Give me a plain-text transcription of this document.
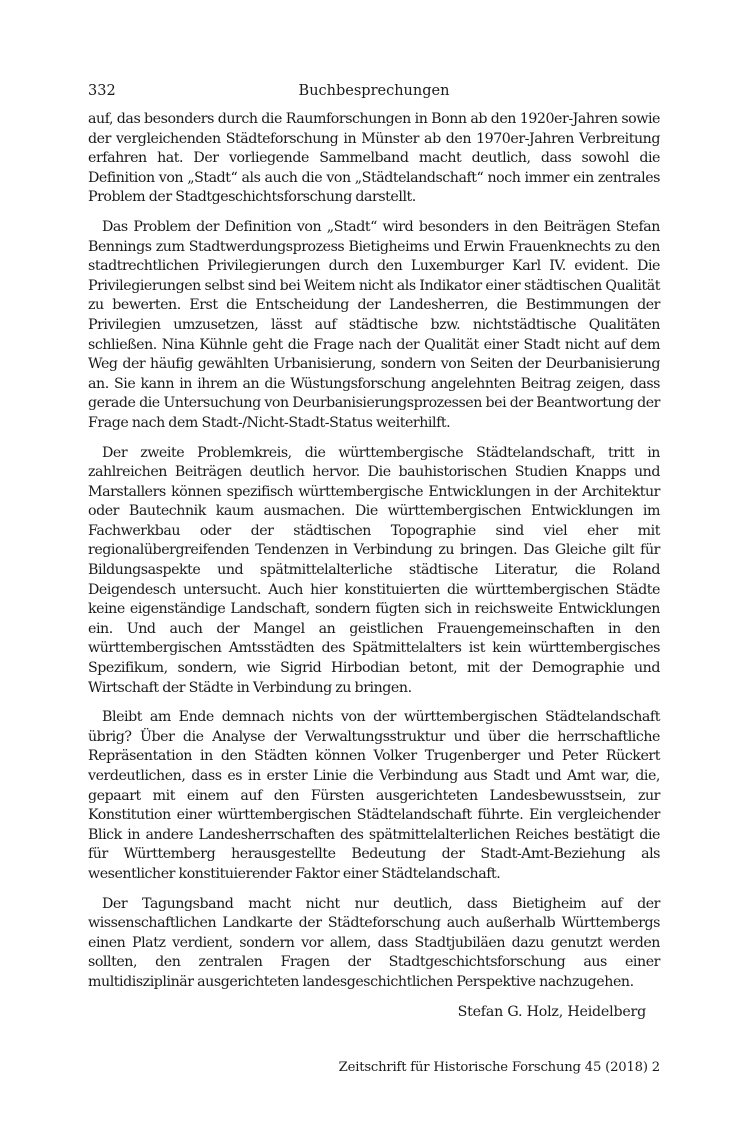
332	Buchbesprechungen

auf, das besonders durch die Raumforschungen in Bonn ab den 1920er-Jahren sowie der vergleichenden Städteforschung in Münster ab den 1970er-Jahren Verbreitung erfahren hat. Der vorliegende Sammelband macht deutlich, dass sowohl die Definition von „Stadt“ als auch die von „Städtelandschaft“ noch immer ein zentrales Problem der Stadtgeschichtsforschung darstellt.

Das Problem der Definition von „Stadt“ wird besonders in den Beiträgen Stefan Bennings zum Stadtwerdungsprozess Bietigheims und Erwin Frauenknechts zu den stadtrechtlichen Privilegierungen durch den Luxemburger Karl IV. evident. Die Privilegierungen selbst sind bei Weitem nicht als Indikator einer städtischen Qualität zu bewerten. Erst die Entscheidung der Landesherren, die Bestimmungen der Privilegien umzusetzen, lässt auf städtische bzw. nichtstädtische Qualitäten schließen. Nina Kühnle geht die Frage nach der Qualität einer Stadt nicht auf dem Weg der häufig gewählten Urbanisierung, sondern von Seiten der Deurbanisierung an. Sie kann in ihrem an die Wüstungsforschung angelehnten Beitrag zeigen, dass gerade die Untersuchung von Deurbanisierungsprozessen bei der Beantwortung der Frage nach dem Stadt-/Nicht-Stadt-Status weiterhilft.

Der zweite Problemkreis, die württembergische Städtelandschaft, tritt in zahlreichen Beiträgen deutlich hervor. Die bauhistorischen Studien Knapps und Marstallers können spezifisch württembergische Entwicklungen in der Architektur oder Bautechnik kaum ausmachen. Die württembergischen Entwicklungen im Fachwerkbau oder der städtischen Topographie sind viel eher mit regionalübergreifenden Tendenzen in Verbindung zu bringen. Das Gleiche gilt für Bildungsaspekte und spätmittelalterliche städtische Literatur, die Roland Deigendesch untersucht. Auch hier konstituierten die württembergischen Städte keine eigenständige Landschaft, sondern fügten sich in reichsweite Entwicklungen ein. Und auch der Mangel an geistlichen Frauengemeinschaften in den württembergischen Amtsstädten des Spätmittelalters ist kein württembergisches Spezifikum, sondern, wie Sigrid Hirbodian betont, mit der Demographie und Wirtschaft der Städte in Verbindung zu bringen.

Bleibt am Ende demnach nichts von der württembergischen Städtelandschaft übrig? Über die Analyse der Verwaltungsstruktur und über die herrschaftliche Repräsentation in den Städten können Volker Trugenberger und Peter Rückert verdeutlichen, dass es in erster Linie die Verbindung aus Stadt und Amt war, die, gepaart mit einem auf den Fürsten ausgerichteten Landesbewusstsein, zur Konstitution einer württembergischen Städtelandschaft führte. Ein vergleichender Blick in andere Landesherrschaften des spätmittelalterlichen Reiches bestätigt die für Württemberg herausgestellte Bedeutung der Stadt-Amt-Beziehung als wesentlicher konstituierender Faktor einer Städtelandschaft.

Der Tagungsband macht nicht nur deutlich, dass Bietigheim auf der wissenschaftlichen Landkarte der Städteforschung auch außerhalb Württembergs einen Platz verdient, sondern vor allem, dass Stadtjubiläen dazu genutzt werden sollten, den zentralen Fragen der Stadtgeschichtsforschung aus einer multidisziplinär ausgerichteten landesgeschichtlichen Perspektive nachzugehen.

Stefan G. Holz, Heidelberg
Zeitschrift für Historische Forschung 45 (2018) 2
